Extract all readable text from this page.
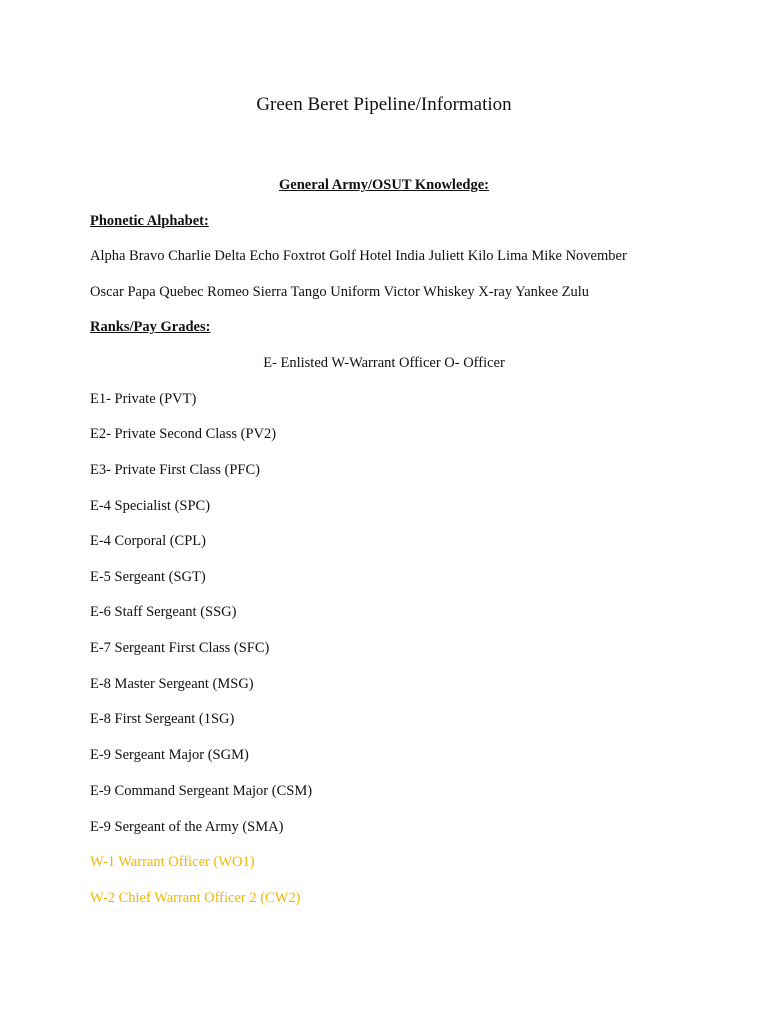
Green Beret Pipeline/Information

General Army/OSUT Knowledge:

Phonetic Alphabet:

Alpha Bravo Charlie Delta Echo Foxtrot Golf Hotel India Juliett Kilo Lima Mike November

Oscar Papa Quebec Romeo Sierra Tango Uniform Victor Whiskey X-ray Yankee Zulu

Ranks/Pay Grades:

E- Enlisted W-Warrant Officer O- Officer

E1- Private (PVT)

E2- Private Second Class (PV2)

E3- Private First Class (PFC)

E-4 Specialist (SPC)

E-4 Corporal (CPL)

E-5 Sergeant (SGT)

E-6 Staff Sergeant (SSG)

E-7 Sergeant First Class (SFC)

E-8 Master Sergeant (MSG)

E-8 First Sergeant (1SG)

E-9 Sergeant Major (SGM)

E-9 Command Sergeant Major (CSM)

E-9 Sergeant of the Army (SMA)

W-1 Warrant Officer (WO1)

W-2 Chief Warrant Officer 2 (CW2)
